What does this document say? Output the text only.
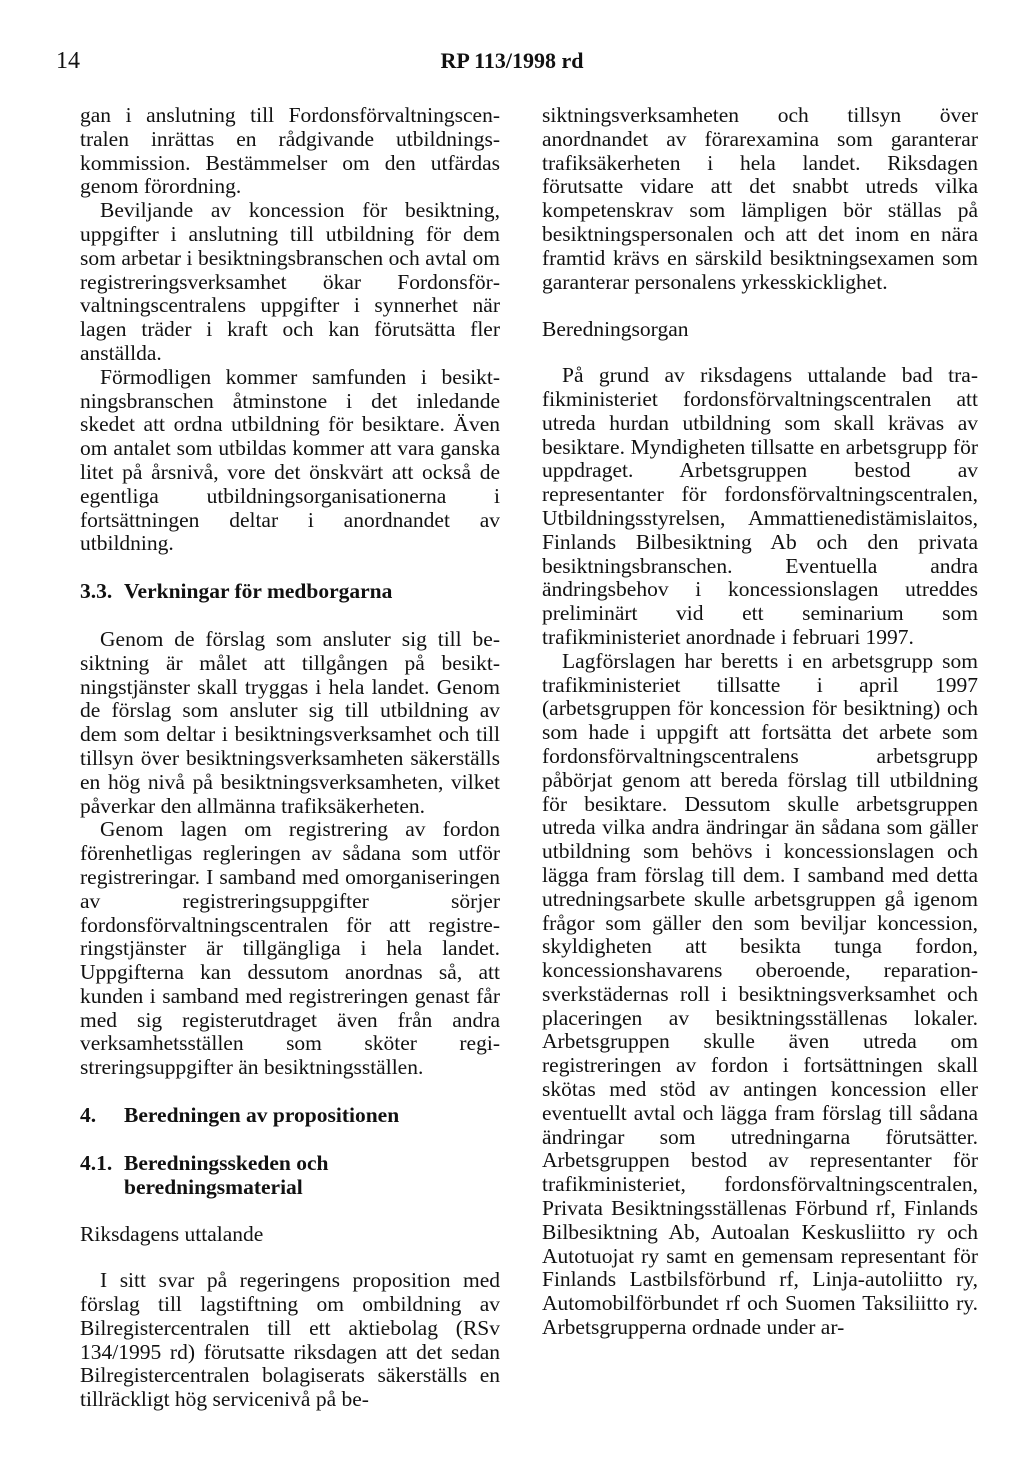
14	RP 113/1998 rd

gan i anslutning till Fordonsförvaltningscentralen inrättas en rådgivande utbildningskommission. Bestämmelser om den utfärdas genom förordning.

Beviljande av koncession för besiktning, uppgifter i anslutning till utbildning för dem som arbetar i besiktningsbranschen och avtal om registreringsverksamhet ökar Fordonsförvaltningscentralens uppgifter i synnerhet när lagen träder i kraft och kan förutsätta fler anställda.

Förmodligen kommer samfunden i besiktningsbranschen åtminstone i det inledande skedet att ordna utbildning för besiktare. Även om antalet som utbildas kommer att vara ganska litet på årsnivå, vore det önskvärt att också de egentliga utbildningsorganisationerna i fortsättningen deltar i anordnandet av utbildning.

3.3. Verkningar för medborgarna

Genom de förslag som ansluter sig till besiktning är målet att tillgången på besiktningstjänster skall tryggas i hela landet. Genom de förslag som ansluter sig till utbildning av dem som deltar i besiktningsverksamhet och till tillsyn över besiktningsverksamheten säkerställs en hög nivå på besiktningsverksamheten, vilket påverkar den allmänna trafiksäkerheten.

Genom lagen om registrering av fordon förenhetligas regleringen av sådana som utför registreringar. I samband med omorganiseringen av registreringsuppgifter sörjer fordonsförvaltningscentralen för att registreringstjänster är tillgängliga i hela landet. Uppgifterna kan dessutom anordnas så, att kunden i samband med registreringen genast får med sig registerutdraget även från andra verksamhetsställen som sköter registreringsuppgifter än besiktningsställen.

4. Beredningen av propositionen
4.1. Beredningsskeden och beredningsmaterial
Riksdagens uttalande

I sitt svar på regeringens proposition med förslag till lagstiftning om ombildning av Bilregistercentralen till ett aktiebolag (RSv 134/1995 rd) förutsatte riksdagen att det sedan Bilregistercentralen bolagiserats säkerställs en tillräckligt hög servicenivå på be-

siktningsverksamheten och tillsyn över anordnandet av förarexamina som garanterar trafiksäkerheten i hela landet. Riksdagen förutsatte vidare att det snabbt utreds vilka kompetenskrav som lämpligen bör ställas på besiktningspersonalen och att det inom en nära framtid krävs en särskild besiktningsexamen som garanterar personalens yrkesskicklighet.

Beredningsorgan

På grund av riksdagens uttalande bad trafikministeriet fordonsförvaltningscentralen att utreda hurdan utbildning som skall krävas av besiktare. Myndigheten tillsatte en arbetsgrupp för uppdraget. Arbetsgruppen bestod av representanter för fordonsförvaltningscentralen, Utbildningsstyrelsen, Ammattienedistämislaitos, Finlands Bilbesiktning Ab och den privata besiktningsbranschen. Eventuella andra ändringsbehov i koncessionslagen utreddes preliminärt vid ett seminarium som trafikministeriet anordnade i februari 1997.

Lagförslagen har beretts i en arbetsgrupp som trafikministeriet tillsatte i april 1997 (arbetsgruppen för koncession för besiktning) och som hade i uppgift att fortsätta det arbete som fordonsförvaltningscentralens arbetsgrupp påbörjat genom att bereda förslag till utbildning för besiktare. Dessutom skulle arbetsgruppen utreda vilka andra ändringar än sådana som gäller utbildning som behövs i koncessionslagen och lägga fram förslag till dem. I samband med detta utredningsarbete skulle arbetsgruppen gå igenom frågor som gäller den som beviljar koncession, skyldigheten att besikta tunga fordon, koncessionshavarens oberoende, reparationsverkstädernas roll i besiktningsverksamhet och placeringen av besiktningsställenas lokaler. Arbetsgruppen skulle även utreda om registreringen av fordon i fortsättningen skall skötas med stöd av antingen koncession eller eventuellt avtal och lägga fram förslag till sådana ändringar som utredningarna förutsätter. Arbetsgruppen bestod av representanter för trafikministeriet, fordonsförvaltningscentralen, Privata Besiktningsställenas Förbund rf, Finlands Bilbesiktning Ab, Autoalan Keskusliitto ry och Autotuojat ry samt en gemensam representant för Finlands Lastbilsförbund rf, Linja-autoliitto ry, Automobilförbundet rf och Suomen Taksiliitto ry. Arbetsgrupperna ordnade under ar-
